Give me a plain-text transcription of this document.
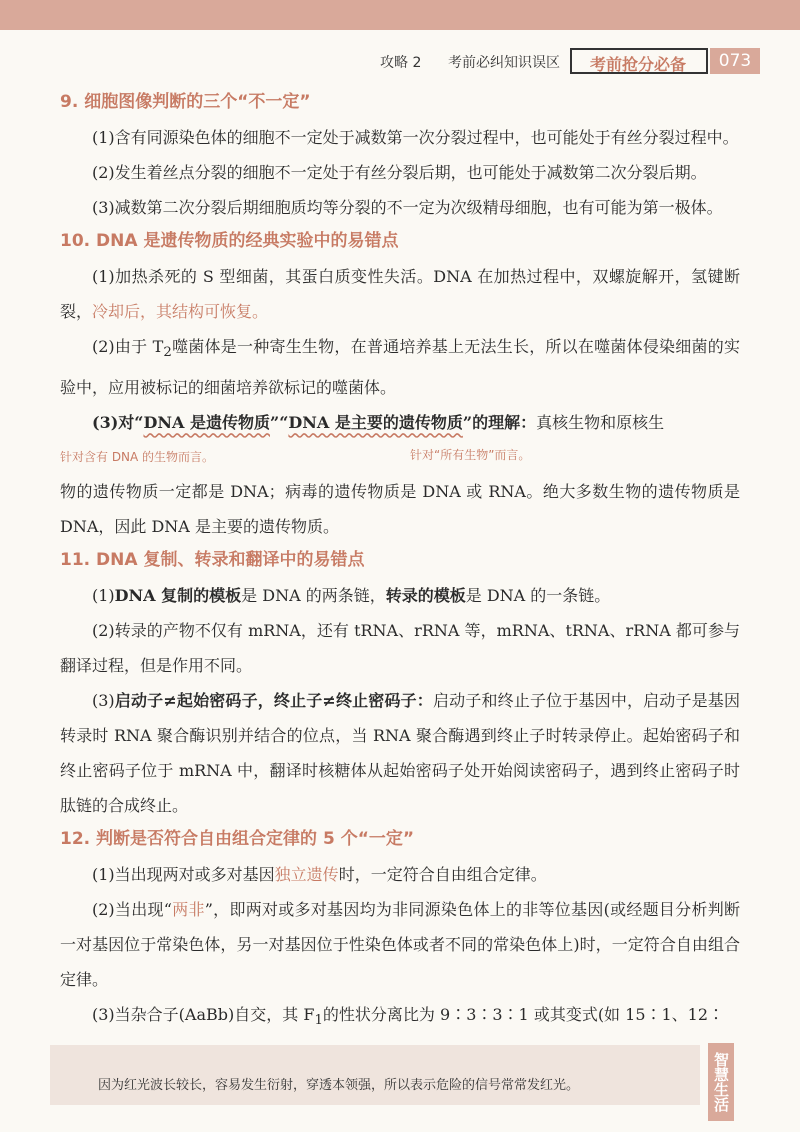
攻略 2 考前必纠知识误区 考前抢分必备	073
9. 细胞图像判断的三个“不一定”

(1)含有同源染色体的细胞不一定处于减数第一次分裂过程中，也可能处于有丝分裂过程中。

(2)发生着丝点分裂的细胞不一定处于有丝分裂后期，也可能处于减数第二次分裂后期。

(3)减数第二次分裂后期细胞质均等分裂的不一定为次级精母细胞，也有可能为第一极体。

10. DNA 是遗传物质的经典实验中的易错点

(1)加热杀死的 S 型细菌，其蛋白质变性失活。DNA 在加热过程中，双螺旋解开，氢键断裂，冷却后，其结构可恢复。

(2)由于 $T_2$噬菌体是一种寄生生物，在普通培养基上无法生长，所以在噬菌体侵染细菌的实验中，应用被标记的细菌培养欲标记的噬菌体。

(3)对“DNA 是遗传物质”“DNA 是主要的遗传物质”的理解：真核生物和原核生

针对含有 DNA 的生物而言。	针对“所有生物”而言。

物的遗传物质一定都是 DNA；病毒的遗传物质是 DNA 或 RNA。绝大多数生物的遗传物质是 DNA，因此 DNA 是主要的遗传物质。

11. DNA 复制、转录和翻译中的易错点

(1)DNA 复制的模板是 DNA 的两条链，转录的模板是 DNA 的一条链。

(2)转录的产物不仅有 mRNA，还有 tRNA、rRNA 等，mRNA、tRNA、rRNA 都可参与翻译过程，但是作用不同。

(3)启动子≠起始密码子，终止子≠终止密码子：启动子和终止子位于基因中，启动子是基因转录时 RNA 聚合酶识别并结合的位点，当 RNA 聚合酶遇到终止子时转录停止。起始密码子和终止密码子位于 mRNA 中，翻译时核糖体从起始密码子处开始阅读密码子，遇到终止密码子时肽链的合成终止。

12. 判断是否符合自由组合定律的 5 个“一定”

(1)当出现两对或多对基因独立遗传时，一定符合自由组合定律。

(2)当出现“两非”，即两对或多对基因均为非同源染色体上的非等位基因(或经题目分析判断一对基因位于常染色体，另一对基因位于性染色体或者不同的常染色体上)时，一定符合自由组合定律。

(3)当杂合子(AaBb)自交，其 $F_1$的性状分离比为 9∶3∶3∶1 或其变式(如 15∶1、12∶

因为红光波长较长，容易发生衍射，穿透本领强，所以表示危险的信号常常发红光。	智慧生活
